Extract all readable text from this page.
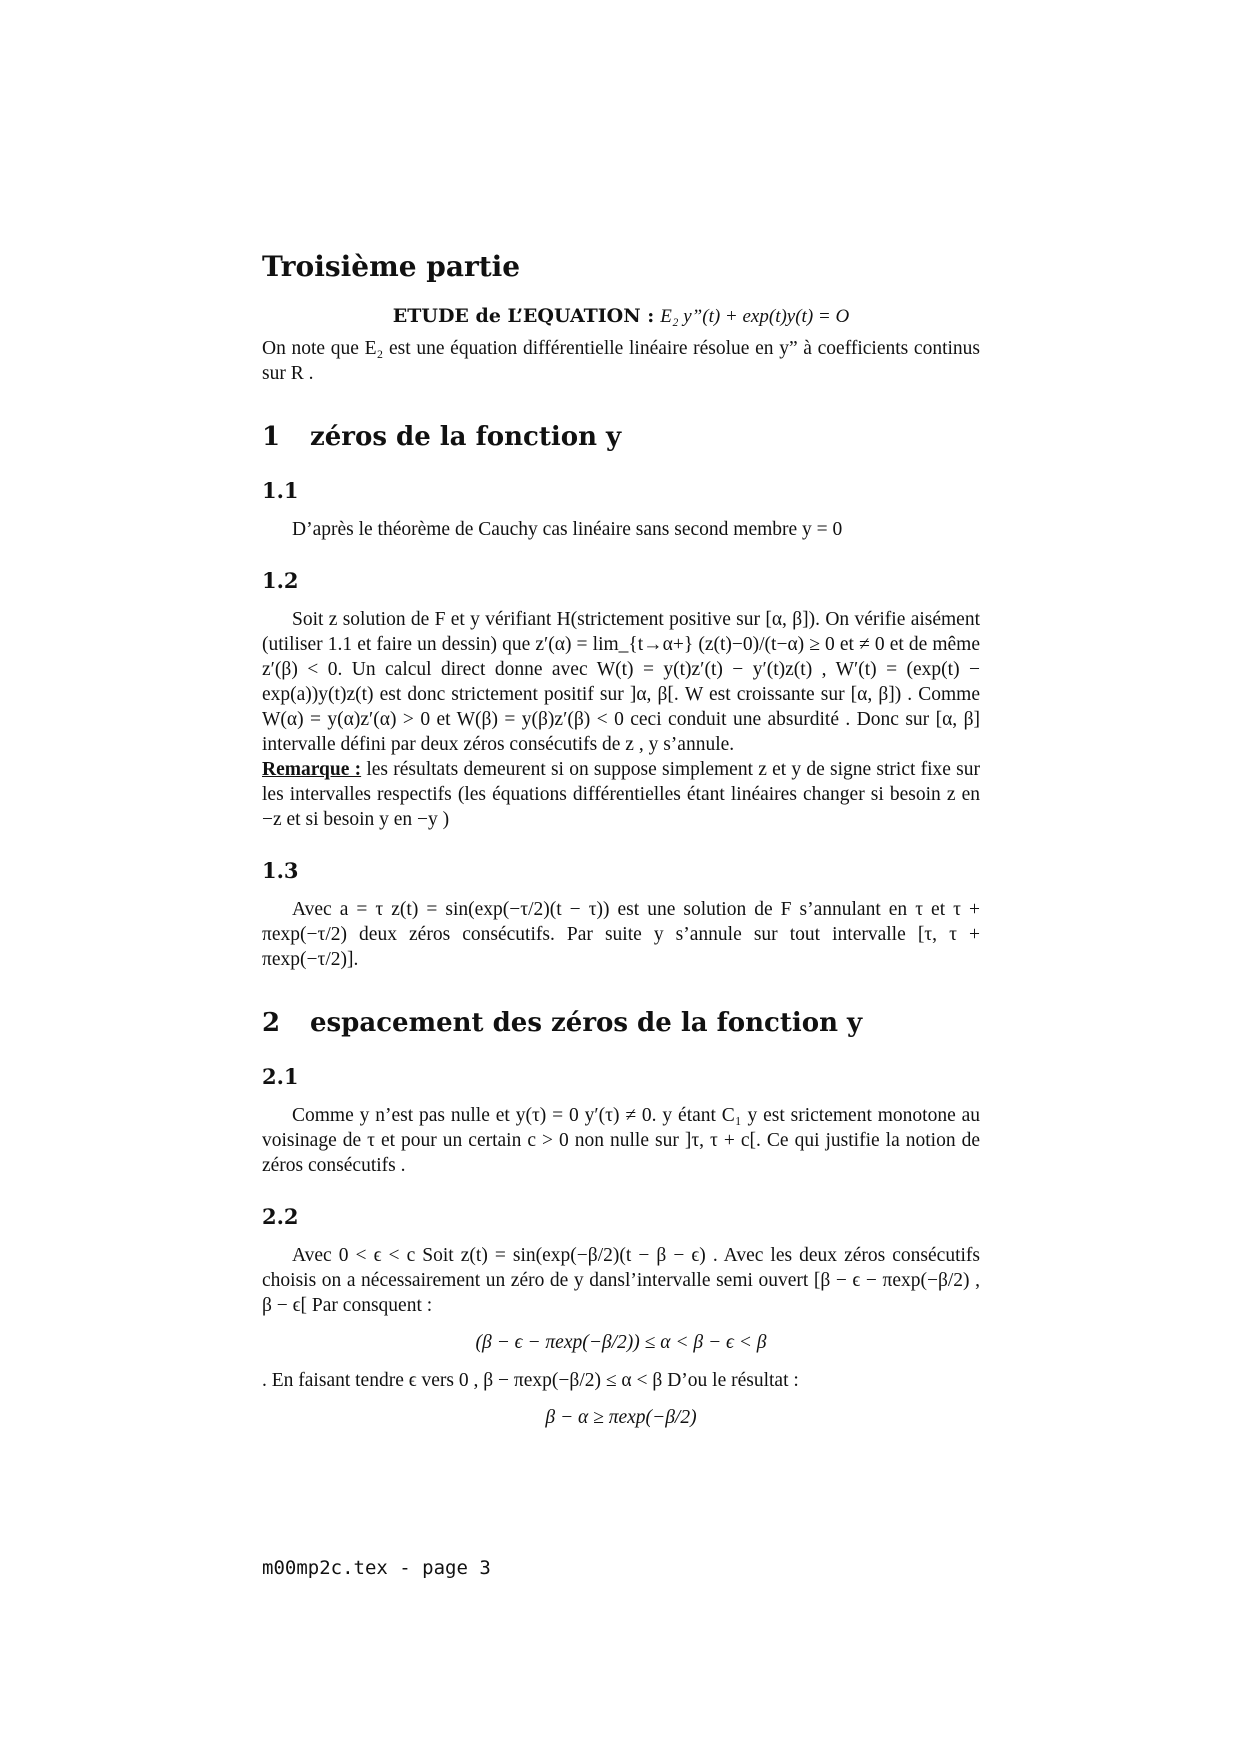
Troisième partie
ETUDE de L’EQUATION : E₂ y”(t) + exp(t)y(t) = O

On note que E₂ est une équation différentielle linéaire résolue en y” à coefficients continus sur R .

1	zéros de la fonction y
1.1

D’après le théorème de Cauchy cas linéaire sans second membre y = 0

1.2

Soit z solution de F et y vérifiant H(strictement positive sur [α, β]). On vérifie aisément (utiliser 1.1 et faire un dessin) que z′(α) = lim_{t→α+} (z(t)−0)/(t−α) ≥ 0 et ≠ 0 et de même z′(β) < 0. Un calcul direct donne avec W(t) = y(t)z′(t) − y′(t)z(t) , W′(t) = (exp(t) − exp(a))y(t)z(t) est donc strictement positif sur ]α, β[. W est croissante sur [α, β]) . Comme W(α) = y(α)z′(α) > 0 et W(β) = y(β)z′(β) < 0 ceci conduit une absurdité . Donc sur [α, β] intervalle défini par deux zéros consécutifs de z , y s’annule.

Remarque : les résultats demeurent si on suppose simplement z et y de signe strict fixe sur les intervalles respectifs (les équations différentielles étant linéaires changer si besoin z en −z et si besoin y en −y )

1.3

Avec a = τ z(t) = sin(exp(−τ/2)(t − τ)) est une solution de F s’annulant en τ et τ + πexp(−τ/2) deux zéros consécutifs. Par suite y s’annule sur tout intervalle [τ, τ + πexp(−τ/2)].

2	espacement des zéros de la fonction y
2.1

Comme y n’est pas nulle et y(τ) = 0 y′(τ) ≠ 0. y étant C₁ y est srictement monotone au voisinage de τ et pour un certain c > 0 non nulle sur ]τ, τ + c[. Ce qui justifie la notion de zéros consécutifs .

2.2

Avec 0 < ϵ < c Soit z(t) = sin(exp(−β/2)(t − β − ϵ) . Avec les deux zéros consécutifs choisis on a nécessairement un zéro de y dansl’intervalle semi ouvert [β − ϵ − πexp(−β/2) , β − ϵ[ Par consquent :

(β − ϵ − πexp(−β/2)) ≤ α < β − ϵ < β

. En faisant tendre ϵ vers 0 , β − πexp(−β/2) ≤ α < β D’ou le résultat :

β − α ≥ πexp(−β/2)
m00mp2c.tex - page 3
